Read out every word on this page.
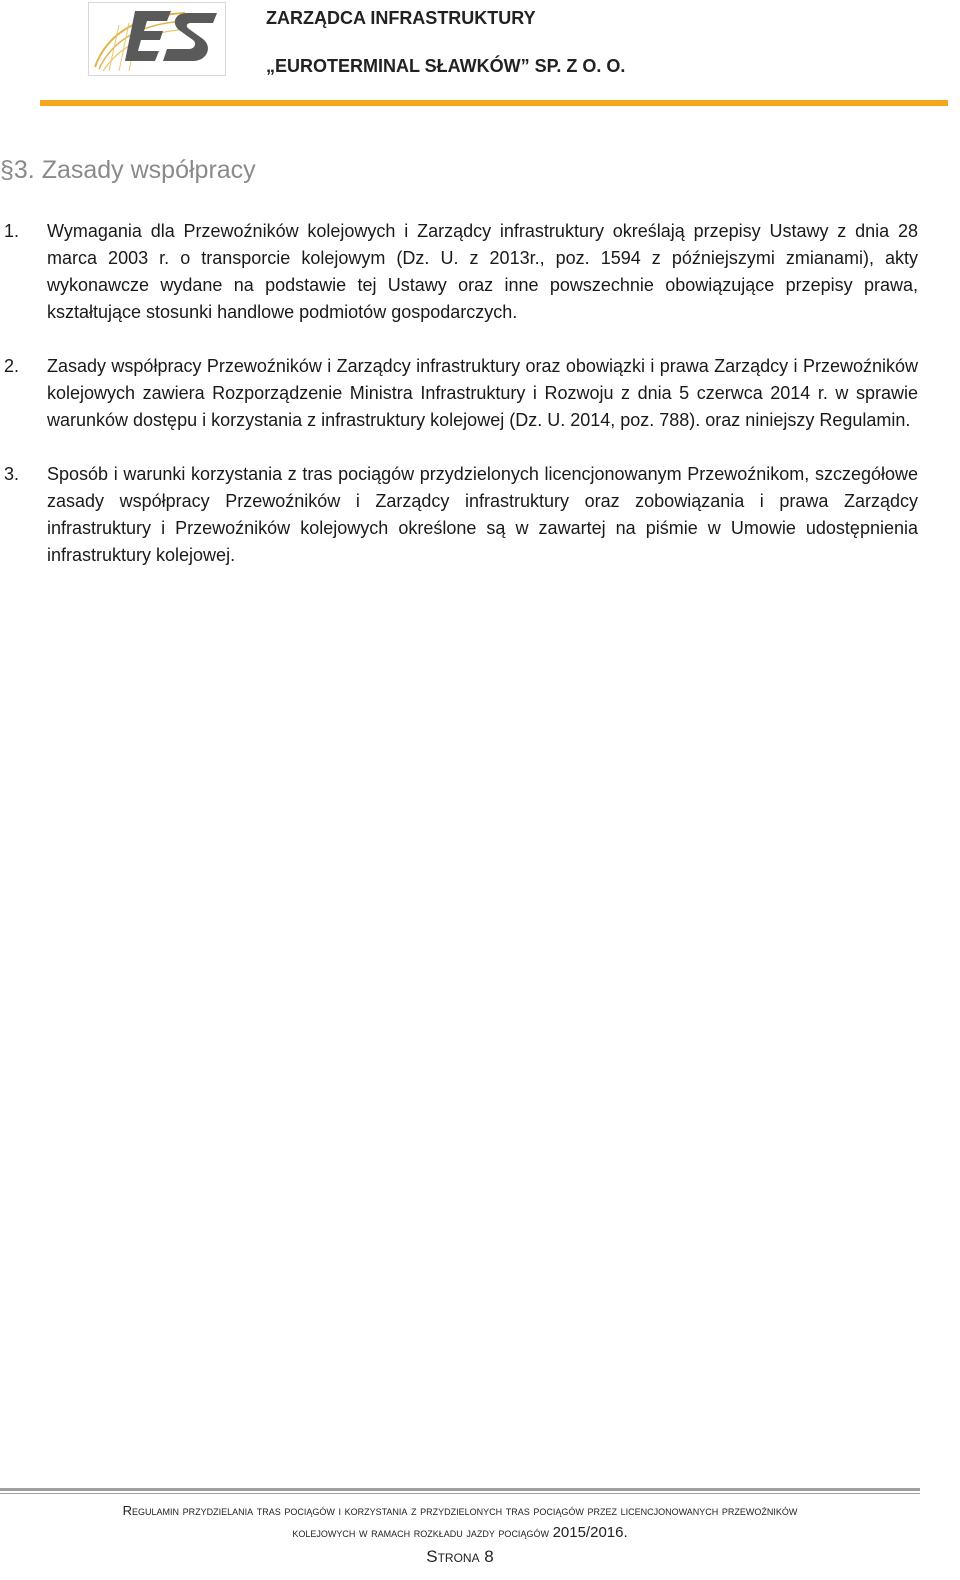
ZARZĄDCA INFRASTRUKTURY
„EUROTERMINAL SŁAWKÓW” SP. Z O. O.
§3. Zasady współpracy
1. Wymagania dla Przewoźników kolejowych i Zarządcy infrastruktury określają przepisy Ustawy z dnia 28 marca 2003 r. o transporcie kolejowym (Dz. U. z 2013r., poz. 1594 z późniejszymi zmianami), akty wykonawcze wydane na podstawie tej Ustawy oraz inne powszechnie obowiązujące przepisy prawa, kształtujące stosunki handlowe podmiotów gospodarczych.
2. Zasady współpracy Przewoźników i Zarządcy infrastruktury oraz obowiązki i prawa Zarządcy i Przewoźników kolejowych zawiera Rozporządzenie Ministra Infrastruktury i Rozwoju z dnia 5 czerwca 2014 r. w sprawie warunków dostępu i korzystania z infrastruktury kolejowej (Dz. U. 2014, poz. 788). oraz niniejszy Regulamin.
3. Sposób i warunki korzystania z tras pociągów przydzielonych licencjonowanym Przewoźnikom, szczegółowe zasady współpracy Przewoźników i Zarządcy infrastruktury oraz zobowiązania i prawa Zarządcy infrastruktury i Przewoźników kolejowych określone są w zawartej na piśmie w Umowie udostępnienia infrastruktury kolejowej.
Regulamin przydzielania tras pociągów i korzystania z przydzielonych tras pociągów przez licencjonowanych przewoźników
kolejowych w ramach rozkładu jazdy pociągów 2015/2016.
Strona 8
